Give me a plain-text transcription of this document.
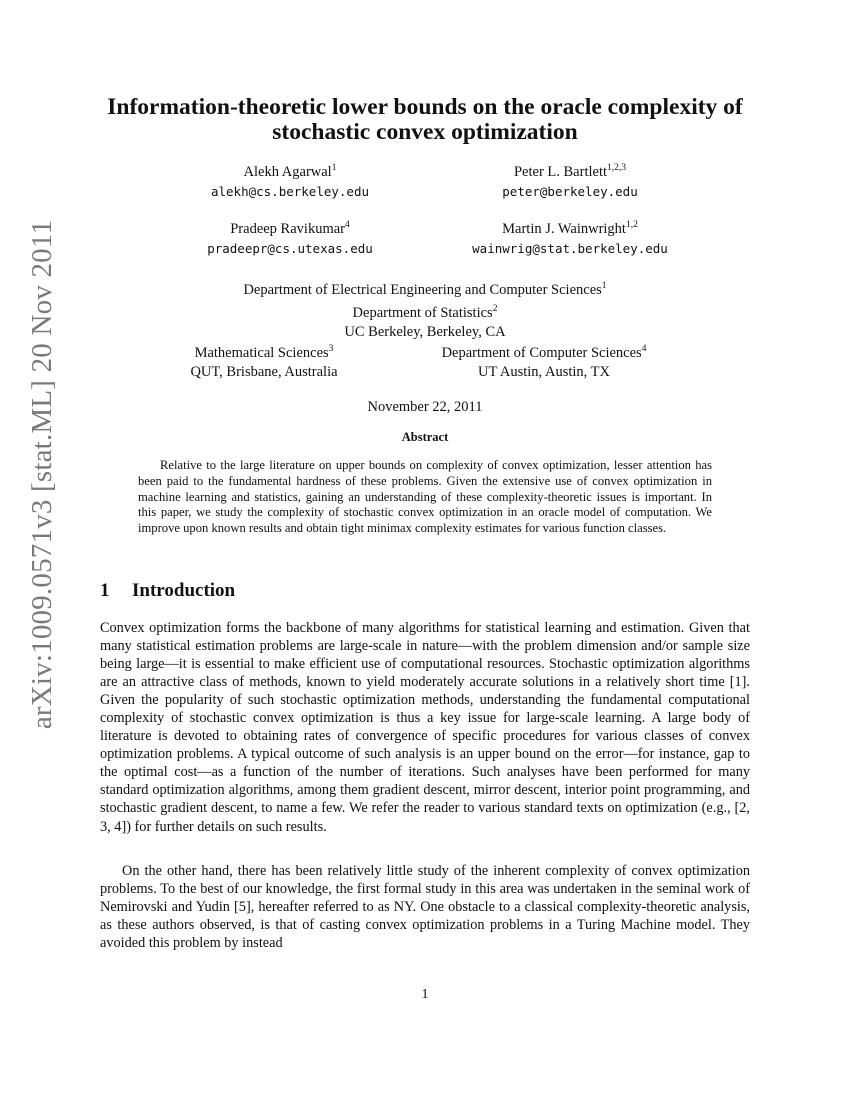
arXiv:1009.0571v3 [stat.ML] 20 Nov 2011
Information-theoretic lower bounds on the oracle complexity of stochastic convex optimization
Alekh Agarwal$^1$
alekh@cs.berkeley.edu
Peter L. Bartlett$^{1,2,3}$
peter@berkeley.edu
Pradeep Ravikumar$^4$
pradeepr@cs.utexas.edu
Martin J. Wainwright$^{1,2}$
wainwrig@stat.berkeley.edu
Department of Electrical Engineering and Computer Sciences$^1$
Department of Statistics$^2$
UC Berkeley, Berkeley, CA
Mathematical Sciences$^3$
QUT, Brisbane, Australia
Department of Computer Sciences$^4$
UT Austin, Austin, TX
November 22, 2011
Abstract

Relative to the large literature on upper bounds on complexity of convex optimization, lesser attention has been paid to the fundamental hardness of these problems. Given the extensive use of convex optimization in machine learning and statistics, gaining an understanding of these complexity-theoretic issues is important. In this paper, we study the complexity of stochastic convex optimization in an oracle model of computation. We improve upon known results and obtain tight minimax complexity estimates for various function classes.

1 Introduction

Convex optimization forms the backbone of many algorithms for statistical learning and estimation. Given that many statistical estimation problems are large-scale in nature—with the problem dimension and/or sample size being large—it is essential to make efficient use of computational resources. Stochastic optimization algorithms are an attractive class of methods, known to yield moderately accurate solutions in a relatively short time [1]. Given the popularity of such stochastic optimization methods, understanding the fundamental computational complexity of stochastic convex optimization is thus a key issue for large-scale learning. A large body of literature is devoted to obtaining rates of convergence of specific procedures for various classes of convex optimization problems. A typical outcome of such analysis is an upper bound on the error—for instance, gap to the optimal cost—as a function of the number of iterations. Such analyses have been performed for many standard optimization algorithms, among them gradient descent, mirror descent, interior point programming, and stochastic gradient descent, to name a few. We refer the reader to various standard texts on optimization (e.g., [2, 3, 4]) for further details on such results.

On the other hand, there has been relatively little study of the inherent complexity of convex optimization problems. To the best of our knowledge, the first formal study in this area was undertaken in the seminal work of Nemirovski and Yudin [5], hereafter referred to as NY. One obstacle to a classical complexity-theoretic analysis, as these authors observed, is that of casting convex optimization problems in a Turing Machine model. They avoided this problem by instead

1
